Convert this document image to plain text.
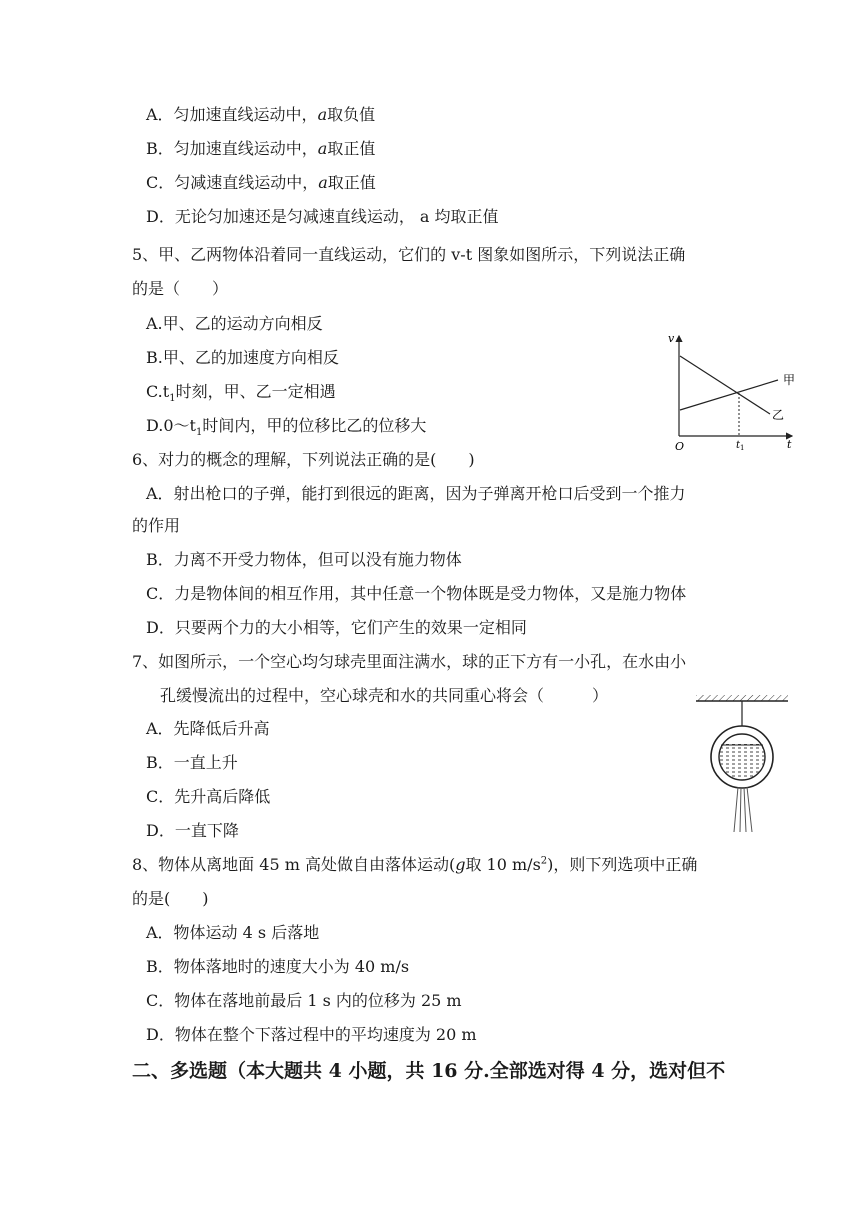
A．匀加速直线运动中，a取负值
B．匀加速直线运动中，a取正值
C．匀减速直线运动中，a取正值
D．无论匀加速还是匀减速直线运动， a 均取正值
5、甲、乙两物体沿着同一直线运动，它们的 v-t 图象如图所示，下列说法正确
的是（　　）
A.甲、乙的运动方向相反
B.甲、乙的加速度方向相反
$C.t_1$时刻，甲、乙一定相遇
$D.0\sim t_1$时间内，甲的位移比乙的位移大
v
t
O	t 1
甲
乙
6、对力的概念的理解，下列说法正确的是(　　)
A．射出枪口的子弹，能打到很远的距离，因为子弹离开枪口后受到一个推力
的作用
B．力离不开受力物体，但可以没有施力物体
C．力是物体间的相互作用，其中任意一个物体既是受力物体，又是施力物体
D．只要两个力的大小相等，它们产生的效果一定相同
7、如图所示，一个空心均匀球壳里面注满水，球的正下方有一小孔，在水由小
孔缓慢流出的过程中，空心球壳和水的共同重心将会（　　　）
A．先降低后升高
B．一直上升
C．先升高后降低
D．一直下降
8、物体从离地面 45 m 高处做自由落体运动(g取 10 $m/s^2$)，则下列选项中正确
的是(　　)
A．物体运动 4 s 后落地
B．物体落地时的速度大小为 40 m/s
C．物体在落地前最后 1 s 内的位移为 25 m
D．物体在整个下落过程中的平均速度为 20 m
二、多选题（本大题共 4 小题，共 16 分.全部选对得 4 分，选对但不
